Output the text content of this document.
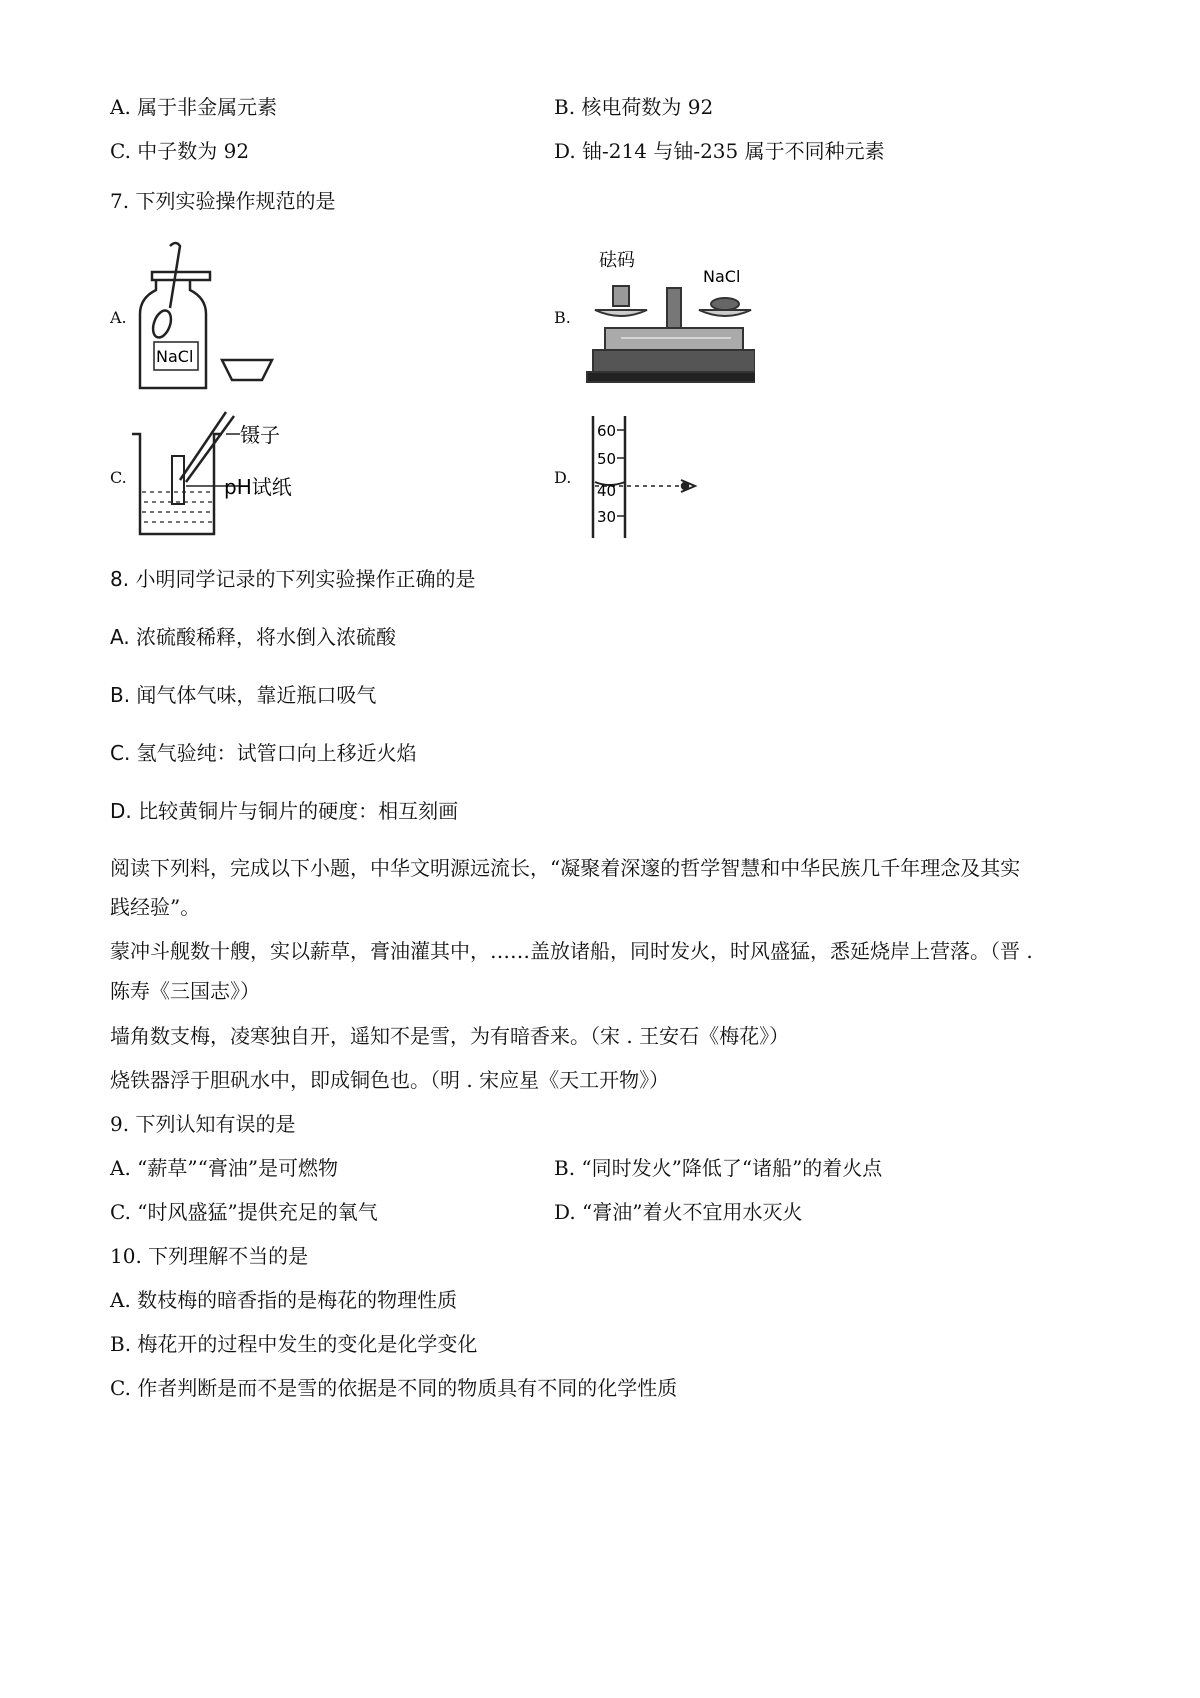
A. 属于非金属元素	B. 核电荷数为 92
C. 中子数为 92	D. 铀-214 与铀-235 属于不同种元素
7. 下列实验操作规范的是
A.	B.
C.	D.
NaCl
砝码
NaCl
镊子
pH试纸
60
50
40
30
8. 小明同学记录的下列实验操作正确的是
A. 浓硫酸稀释，将水倒入浓硫酸
B. 闻气体气味，靠近瓶口吸气
C. 氢气验纯：试管口向上移近火焰
D. 比较黄铜片与铜片的硬度：相互刻画
阅读下列料，完成以下小题，中华文明源远流长，“凝聚着深邃的哲学智慧和中华民族几千年理念及其实
践经验”。
蒙冲斗舰数十艘，实以薪草，膏油灌其中，……盖放诸船，同时发火，时风盛猛，悉延烧岸上营落。（晋 .
陈寿《三国志》）
墙角数支梅，凌寒独自开，遥知不是雪，为有暗香来。（宋 . 王安石《梅花》）
烧铁器浮于胆矾水中，即成铜色也。（明 . 宋应星《天工开物》）
9. 下列认知有误的是
A. “薪草”“膏油”是可燃物	B. “同时发火”降低了“诸船”的着火点
C. “时风盛猛”提供充足的氧气	D. “膏油”着火不宜用水灭火
10. 下列理解不当的是
A. 数枝梅的暗香指的是梅花的物理性质
B. 梅花开的过程中发生的变化是化学变化
C. 作者判断是而不是雪的依据是不同的物质具有不同的化学性质
